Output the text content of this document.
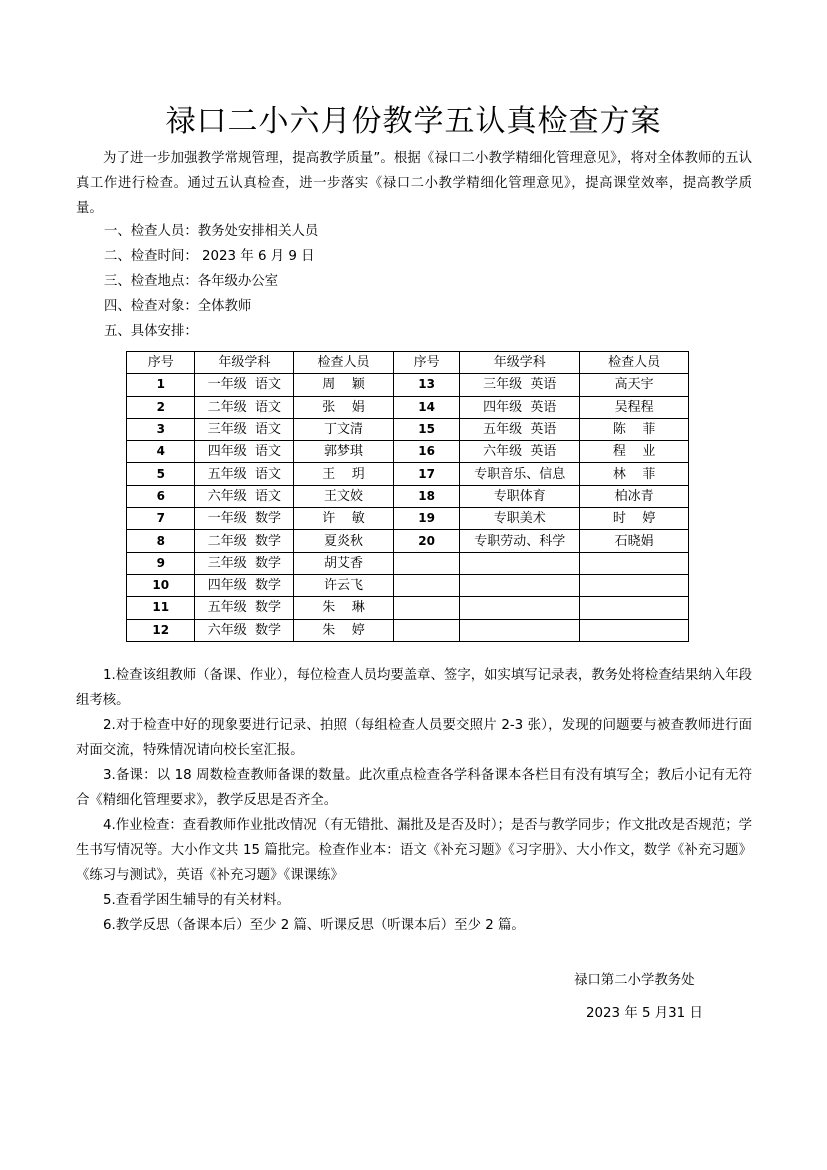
禄口二小六月份教学五认真检查方案
为了进一步加强教学常规管理，提高教学质量”。根据《禄口二小教学精细化管理意见》，将对全体教师的五认真工作进行检查。通过五认真检查，进一步落实《禄口二小教学精细化管理意见》，提高课堂效率，提高教学质量。
一、检查人员：教务处安排相关人员
二、检查时间： 2023 年 6 月 9 日
三、检查地点：各年级办公室
四、检查对象：全体教师
五、具体安排：
序号	年级学科	检查人员	序号	年级学科	检查人员
1	一年级  语文	周    颖	13	三年级  英语	高天宇
2	二年级  语文	张    娟	14	四年级  英语	吴程程
3	三年级  语文	丁文清	15	五年级  英语	陈    菲
4	四年级  语文	郭梦琪	16	六年级  英语	程    业
5	五年级  语文	王    玥	17	专职音乐、信息	林    菲
6	六年级  语文	王文姣	18	专职体育	柏冰青
7	一年级  数学	许    敏	19	专职美术	时    婷
8	二年级  数学	夏炎秋	20	专职劳动、科学	石晓娟
9	三年级  数学	胡艾香			
10	四年级  数学	许云飞			
11	五年级  数学	朱    琳			
12	六年级  数学	朱    婷			

1.检查该组教师（备课、作业），每位检查人员均要盖章、签字，如实填写记录表，教务处将检查结果纳入年段组考核。

2.对于检查中好的现象要进行记录、拍照（每组检查人员要交照片 2-3 张），发现的问题要与被查教师进行面对面交流，特殊情况请向校长室汇报。

3.备课：以 18 周数检查教师备课的数量。此次重点检查各学科备课本各栏目有没有填写全；教后小记有无符合《精细化管理要求》，教学反思是否齐全。

4.作业检查：查看教师作业批改情况（有无错批、漏批及是否及时）；是否与教学同步；作文批改是否规范；学生书写情况等。大小作文共 15 篇批完。检查作业本：语文《补充习题》《习字册》、大小作文，数学《补充习题》《练习与测试》，英语《补充习题》《课课练》

5.查看学困生辅导的有关材料。

6.教学反思（备课本后）至少 2 篇、听课反思（听课本后）至少 2 篇。

禄口第二小学教务处
2023 年 5 月31 日
